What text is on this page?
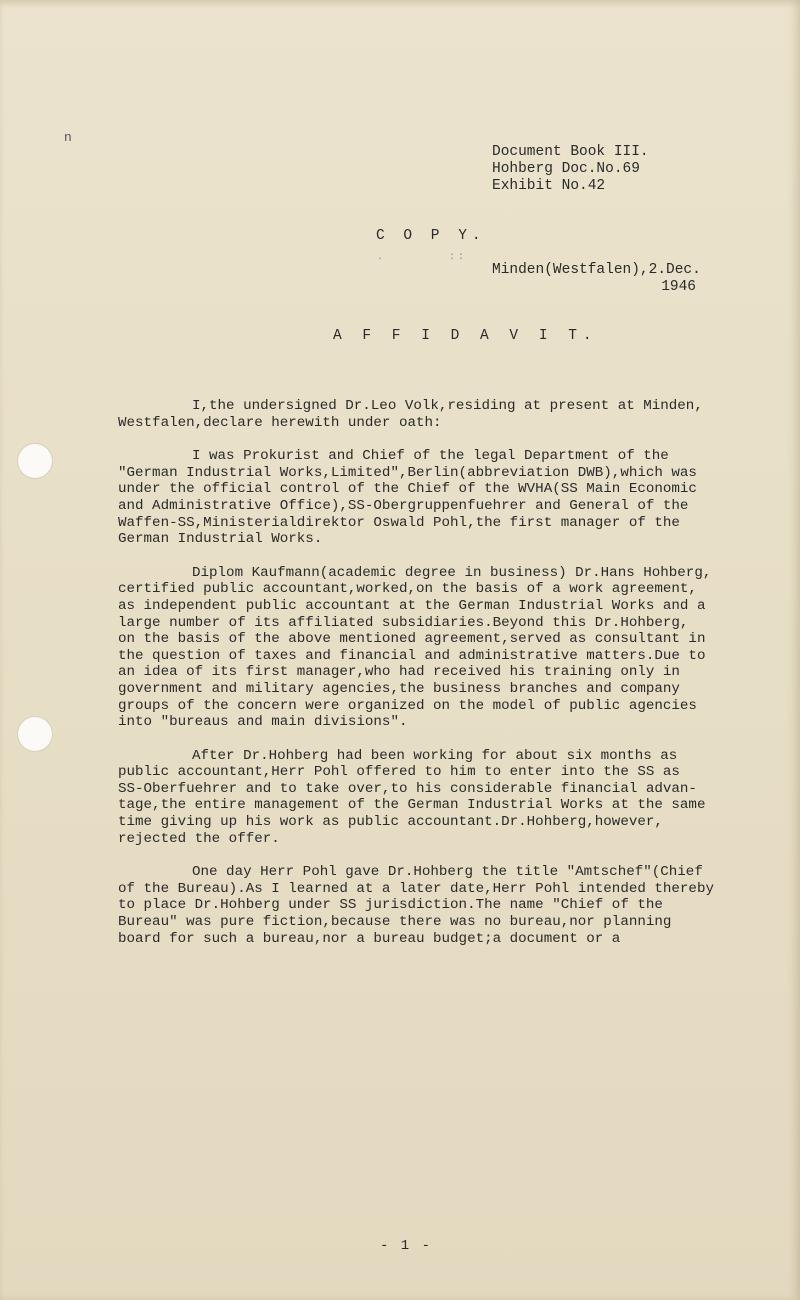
n
Document Book III.
Hohberg Doc.No.69
Exhibit No.42
C O P Y.
.       ::
Minden(Westfalen),2.Dec.
1946
A F F I D A V I T.
I,the undersigned Dr.Leo Volk,residing at present at Minden,
Westfalen,declare herewith under oath:
I was Prokurist and Chief of the legal Department of the
"German Industrial Works,Limited",Berlin(abbreviation DWB),which was
under the official control of the Chief of the WVHA(SS Main Economic
and Administrative Office),SS-Obergruppenfuehrer and General of the
Waffen-SS,Ministerialdirektor Oswald Pohl,the first manager of the
German Industrial Works.
Diplom Kaufmann(academic degree in business) Dr.Hans Hohberg,
certified public accountant,worked,on the basis of a work agreement,
as independent public accountant at the German Industrial Works and a
large number of its affiliated subsidiaries.Beyond this Dr.Hohberg,
on the basis of the above mentioned agreement,served as consultant in
the question of taxes and financial and administrative matters.Due to
an idea of its first manager,who had received his training only in
government and military agencies,the business branches and company
groups of the concern were organized on the model of public agencies
into "bureaus and main divisions".
After Dr.Hohberg had been working for about six months as
public accountant,Herr Pohl offered to him to enter into the SS as
SS-Oberfuehrer and to take over,to his considerable financial advan-
tage,the entire management of the German Industrial Works at the same
time giving up his work as public accountant.Dr.Hohberg,however,
rejected the offer.
One day Herr Pohl gave Dr.Hohberg the title "Amtschef"(Chief
of the Bureau).As I learned at a later date,Herr Pohl intended thereby
to place Dr.Hohberg under SS jurisdiction.The name "Chief of the
Bureau" was pure fiction,because there was no bureau,nor planning
board for such a bureau,nor a bureau budget;a document or a
- 1 -
